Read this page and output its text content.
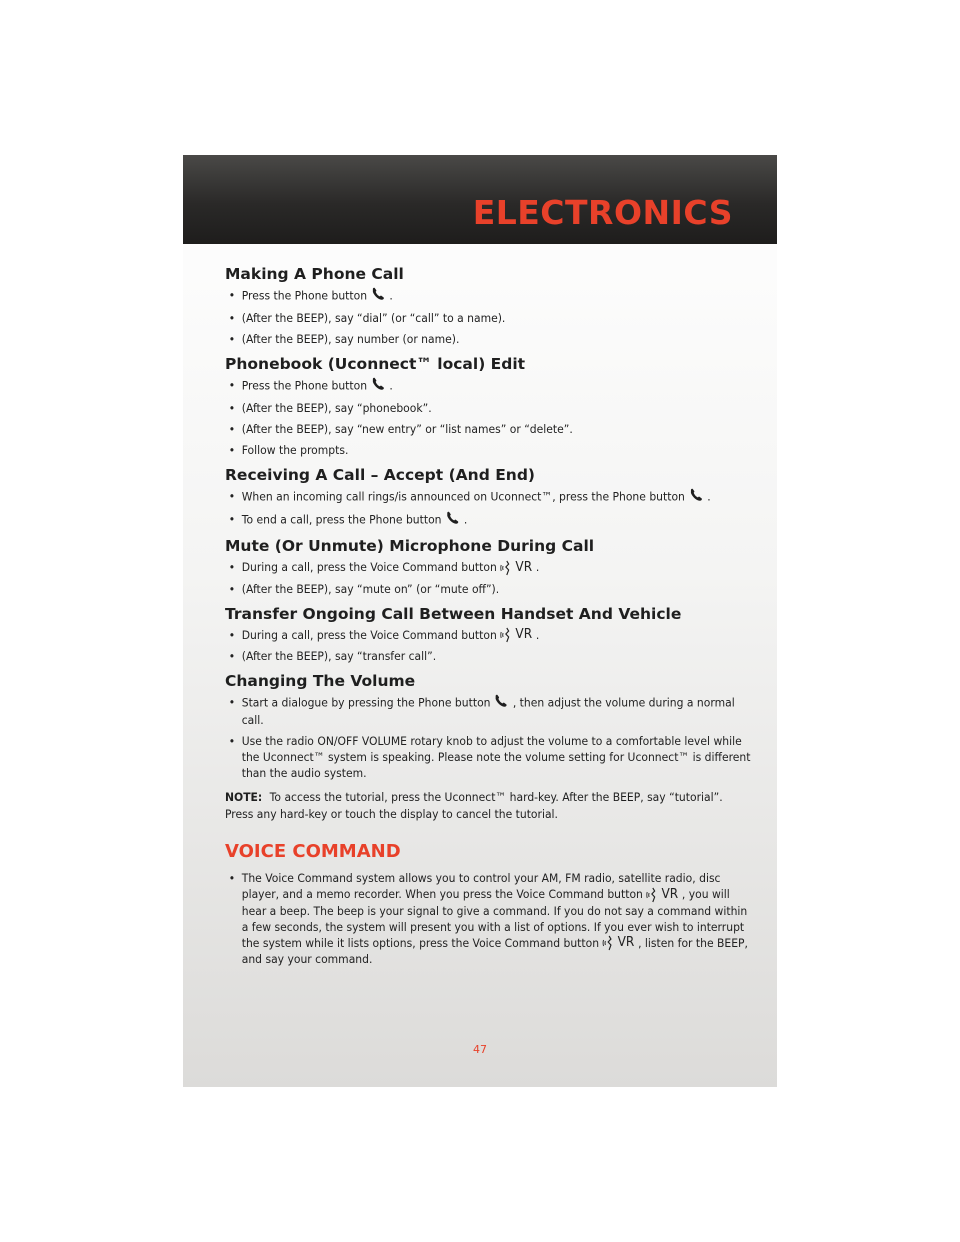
ELECTRONICS
Making A Phone Call
• Press the Phone button .
• (After the BEEP), say “dial” (or “call” to a name).
• (After the BEEP), say number (or name).
Phonebook (Uconnect™ local) Edit
• Press the Phone button .
• (After the BEEP), say “phonebook”.
• (After the BEEP), say “new entry” or “list names” or “delete”.
• Follow the prompts.
Receiving A Call – Accept (And End)
• When an incoming call rings/is announced on Uconnect™, press the Phone button .
• To end a call, press the Phone button .
Mute (Or Unmute) Microphone During Call
• During a call, press the Voice Command button VR .
• (After the BEEP), say “mute on” (or “mute off”).
Transfer Ongoing Call Between Handset And Vehicle
• During a call, press the Voice Command button VR .
• (After the BEEP), say “transfer call”.
Changing The Volume
• Start a dialogue by pressing the Phone button , then adjust the volume during a normal call.
• Use the radio ON/OFF VOLUME rotary knob to adjust the volume to a comfortable level while the Uconnect™ system is speaking. Please note the volume setting for Uconnect™ is different than the audio system.
NOTE: To access the tutorial, press the Uconnect™ hard-key. After the BEEP, say “tutorial”. Press any hard-key or touch the display to cancel the tutorial.
VOICE COMMAND
• The Voice Command system allows you to control your AM, FM radio, satellite radio, disc player, and a memo recorder. When you press the Voice Command button VR , you will hear a beep. The beep is your signal to give a command. If you do not say a command within a few seconds, the system will present you with a list of options. If you ever wish to interrupt the system while it lists options, press the Voice Command button VR , listen for the BEEP, and say your command.
47
